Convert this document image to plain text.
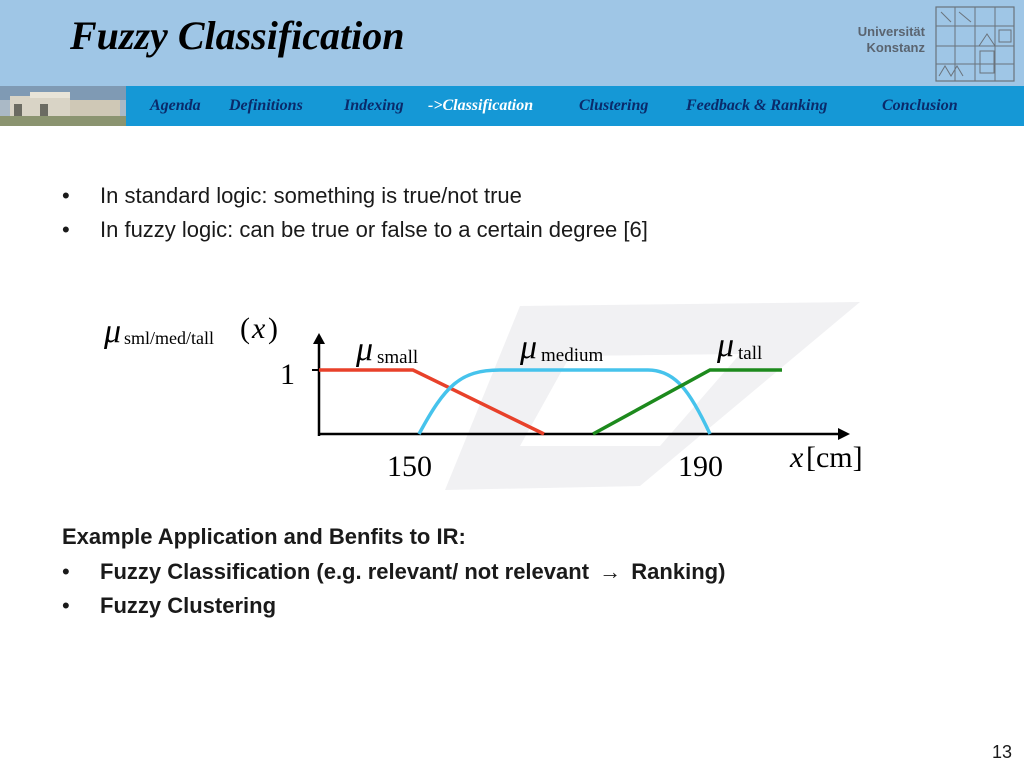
Fuzzy Classification	Universität
Konstanz
Agenda Definitions	Indexing ->Classification	Clustering Feedback & Ranking	Conclusion
• In standard logic: something is true/not true
• In fuzzy logic: can be true or false to a certain degree [6]
1
150	190
μ sml/med/tall ( x )
x [cm]
μ small	μ medium	μ tall
Example Application and Benfits to IR:
• Fuzzy Classification (e.g. relevant/ not relevant → Ranking)
• Fuzzy Clustering
13
